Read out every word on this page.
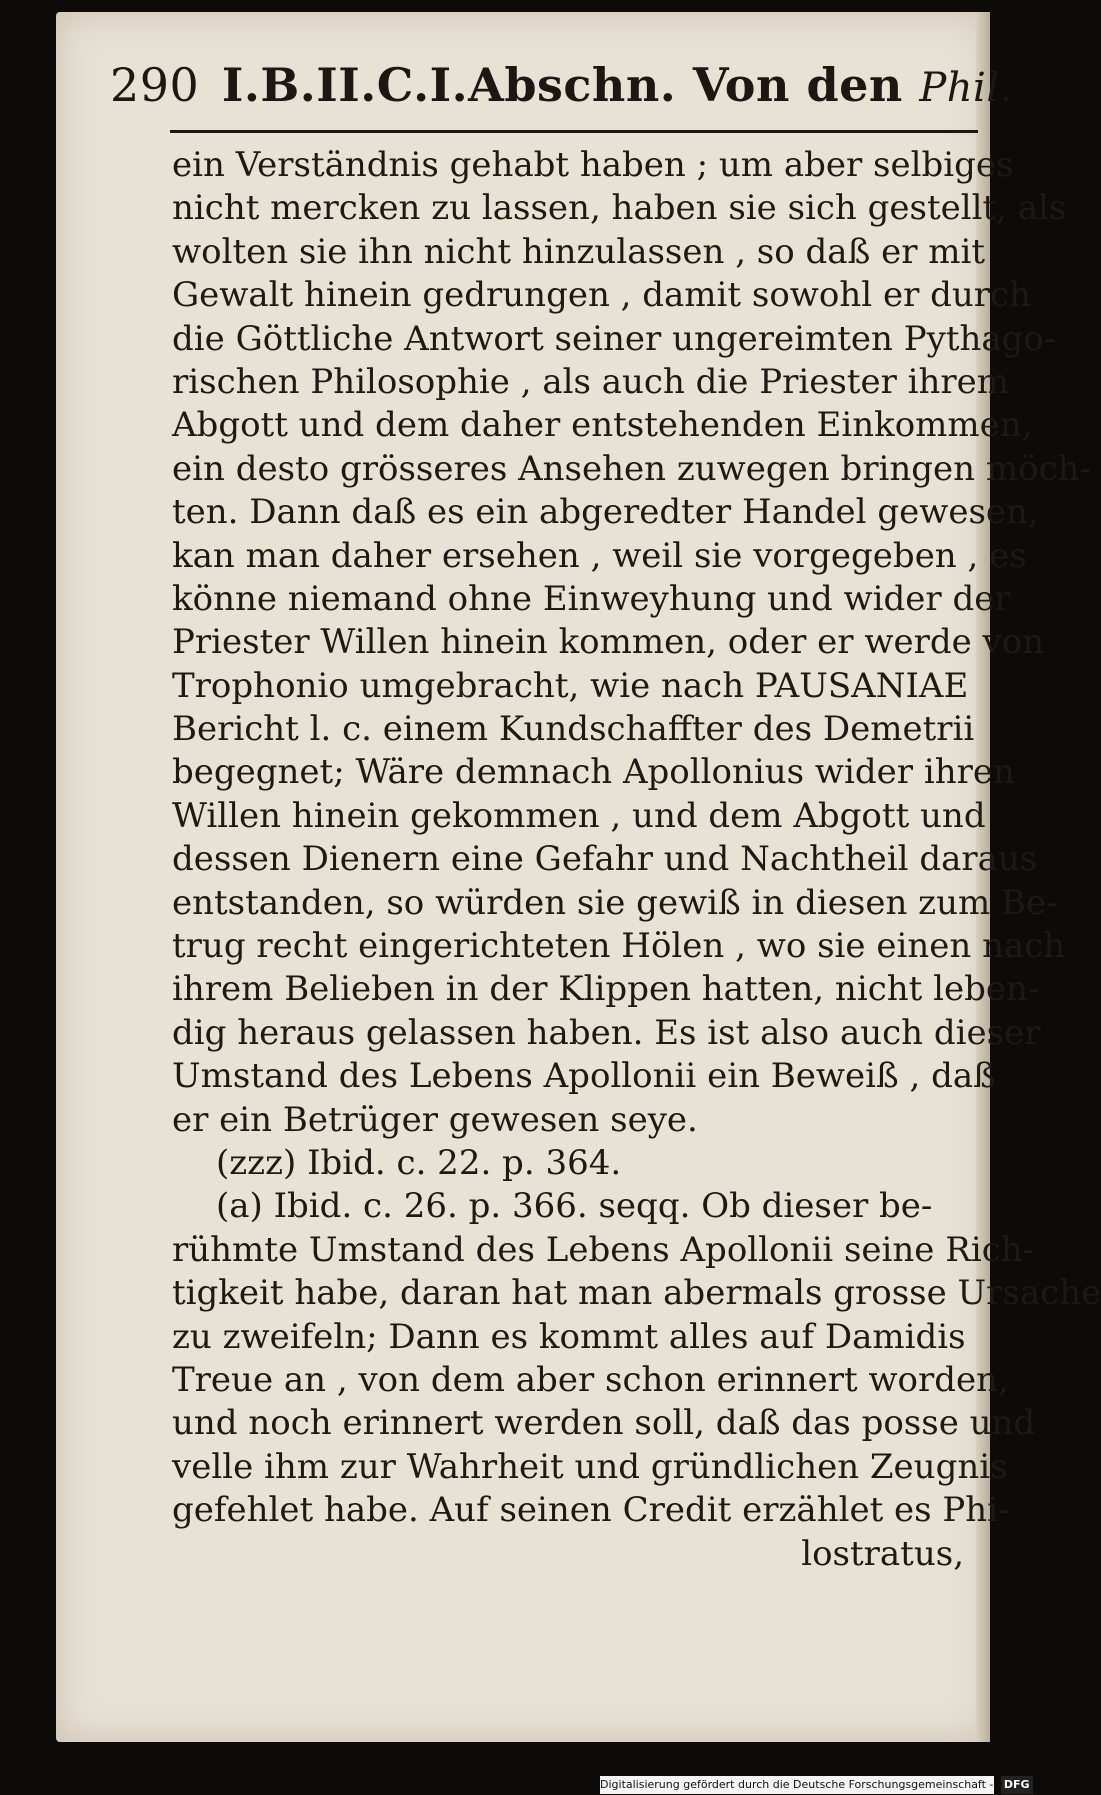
290 I.B.II.C.I.Abschn. Von den Phil.
ein Verständnis gehabt haben ; um aber selbiges
nicht mercken zu lassen, haben sie sich gestellt, als
wolten sie ihn nicht hinzulassen , so daß er mit
Gewalt hinein gedrungen , damit sowohl er durch
die Göttliche Antwort seiner ungereimten Pythago-
rischen Philosophie , als auch die Priester ihrem
Abgott und dem daher entstehenden Einkommen,
ein desto grösseres Ansehen zuwegen bringen möch-
ten. Dann daß es ein abgeredter Handel gewesen,
kan man daher ersehen , weil sie vorgegeben , es
könne niemand ohne Einweyhung und wider der
Priester Willen hinein kommen, oder er werde von
Trophonio umgebracht, wie nach PAUSANIAE
Bericht l. c. einem Kundschaffter des Demetrii
begegnet; Wäre demnach Apollonius wider ihren
Willen hinein gekommen , und dem Abgott und
dessen Dienern eine Gefahr und Nachtheil daraus
entstanden, so würden sie gewiß in diesen zum Be-
trug recht eingerichteten Hölen , wo sie einen nach
ihrem Belieben in der Klippen hatten, nicht leben-
dig heraus gelassen haben. Es ist also auch dieser
Umstand des Lebens Apollonii ein Beweiß , daß
er ein Betrüger gewesen seye.
(zzz) Ibid. c. 22. p. 364.
(a) Ibid. c. 26. p. 366. seqq. Ob dieser be-
rühmte Umstand des Lebens Apollonii seine Rich-
tigkeit habe, daran hat man abermals grosse Ursache
zu zweifeln; Dann es kommt alles auf Damidis
Treue an , von dem aber schon erinnert worden,
und noch erinnert werden soll, daß das posse und
velle ihm zur Wahrheit und gründlichen Zeugnis
gefehlet habe. Auf seinen Credit erzählet es Phi-
lostratus,
Digitalisierung gefördert durch die Deutsche Forschungsgemeinschaft - DFG
